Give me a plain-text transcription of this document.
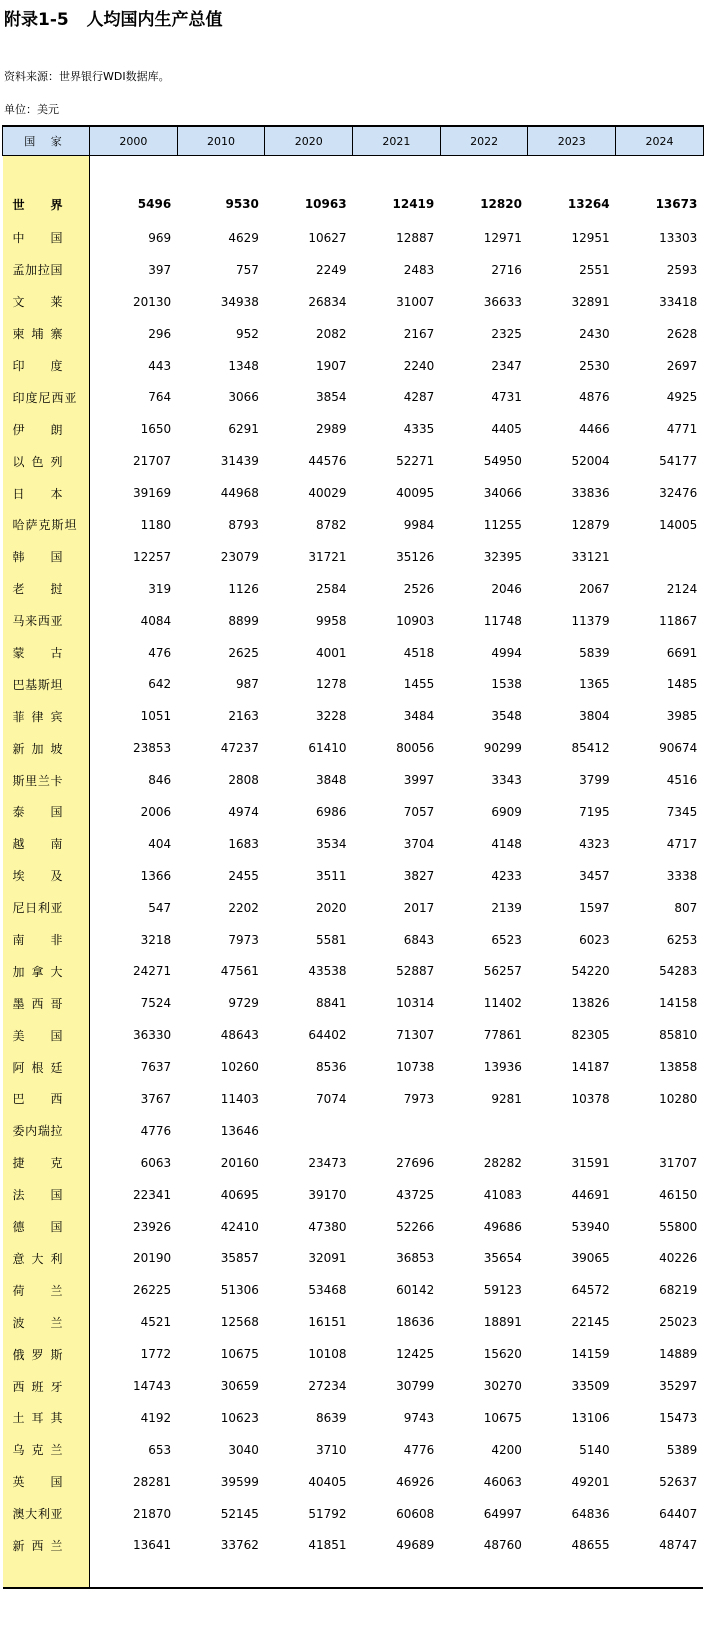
附录1-5   人均国内生产总值
资料来源：世界银行WDI数据库。
单位：美元
国 家	2000	2010	2020	2021	2022	2023	2024

世 界	5496	9530	10963	12419	12820	13264	13673

中 国	969	4629	10627	12887	12971	12951	13303

孟 加 拉 国	397	757	2249	2483	2716	2551	2593

文 莱	20130	34938	26834	31007	36633	32891	33418

柬 埔 寨	296	952	2082	2167	2325	2430	2628

印 度	443	1348	1907	2240	2347	2530	2697

印 度 尼 西 亚	764	3066	3854	4287	4731	4876	4925

伊 朗	1650	6291	2989	4335	4405	4466	4771

以 色 列	21707	31439	44576	52271	54950	52004	54177

日 本	39169	44968	40029	40095	34066	33836	32476

哈 萨 克 斯 坦	1180	8793	8782	9984	11255	12879	14005

韩 国	12257	23079	31721	35126	32395	33121	

老 挝	319	1126	2584	2526	2046	2067	2124

马 来 西 亚	4084	8899	9958	10903	11748	11379	11867

蒙 古	476	2625	4001	4518	4994	5839	6691

巴 基 斯 坦	642	987	1278	1455	1538	1365	1485

菲 律 宾	1051	2163	3228	3484	3548	3804	3985

新 加 坡	23853	47237	61410	80056	90299	85412	90674

斯 里 兰 卡	846	2808	3848	3997	3343	3799	4516

泰 国	2006	4974	6986	7057	6909	7195	7345

越 南	404	1683	3534	3704	4148	4323	4717

埃 及	1366	2455	3511	3827	4233	3457	3338

尼 日 利 亚	547	2202	2020	2017	2139	1597	807

南 非	3218	7973	5581	6843	6523	6023	6253

加 拿 大	24271	47561	43538	52887	56257	54220	54283

墨 西 哥	7524	9729	8841	10314	11402	13826	14158

美 国	36330	48643	64402	71307	77861	82305	85810

阿 根 廷	7637	10260	8536	10738	13936	14187	13858

巴 西	3767	11403	7074	7973	9281	10378	10280

委 内 瑞 拉	4776	13646					

捷 克	6063	20160	23473	27696	28282	31591	31707

法 国	22341	40695	39170	43725	41083	44691	46150

德 国	23926	42410	47380	52266	49686	53940	55800

意 大 利	20190	35857	32091	36853	35654	39065	40226

荷 兰	26225	51306	53468	60142	59123	64572	68219

波 兰	4521	12568	16151	18636	18891	22145	25023

俄 罗 斯	1772	10675	10108	12425	15620	14159	14889

西 班 牙	14743	30659	27234	30799	30270	33509	35297

土 耳 其	4192	10623	8639	9743	10675	13106	15473

乌 克 兰	653	3040	3710	4776	4200	5140	5389

英 国	28281	39599	40405	46926	46063	49201	52637

澳 大 利 亚	21870	52145	51792	60608	64997	64836	64407

新 西 兰	13641	33762	41851	49689	48760	48655	48747
